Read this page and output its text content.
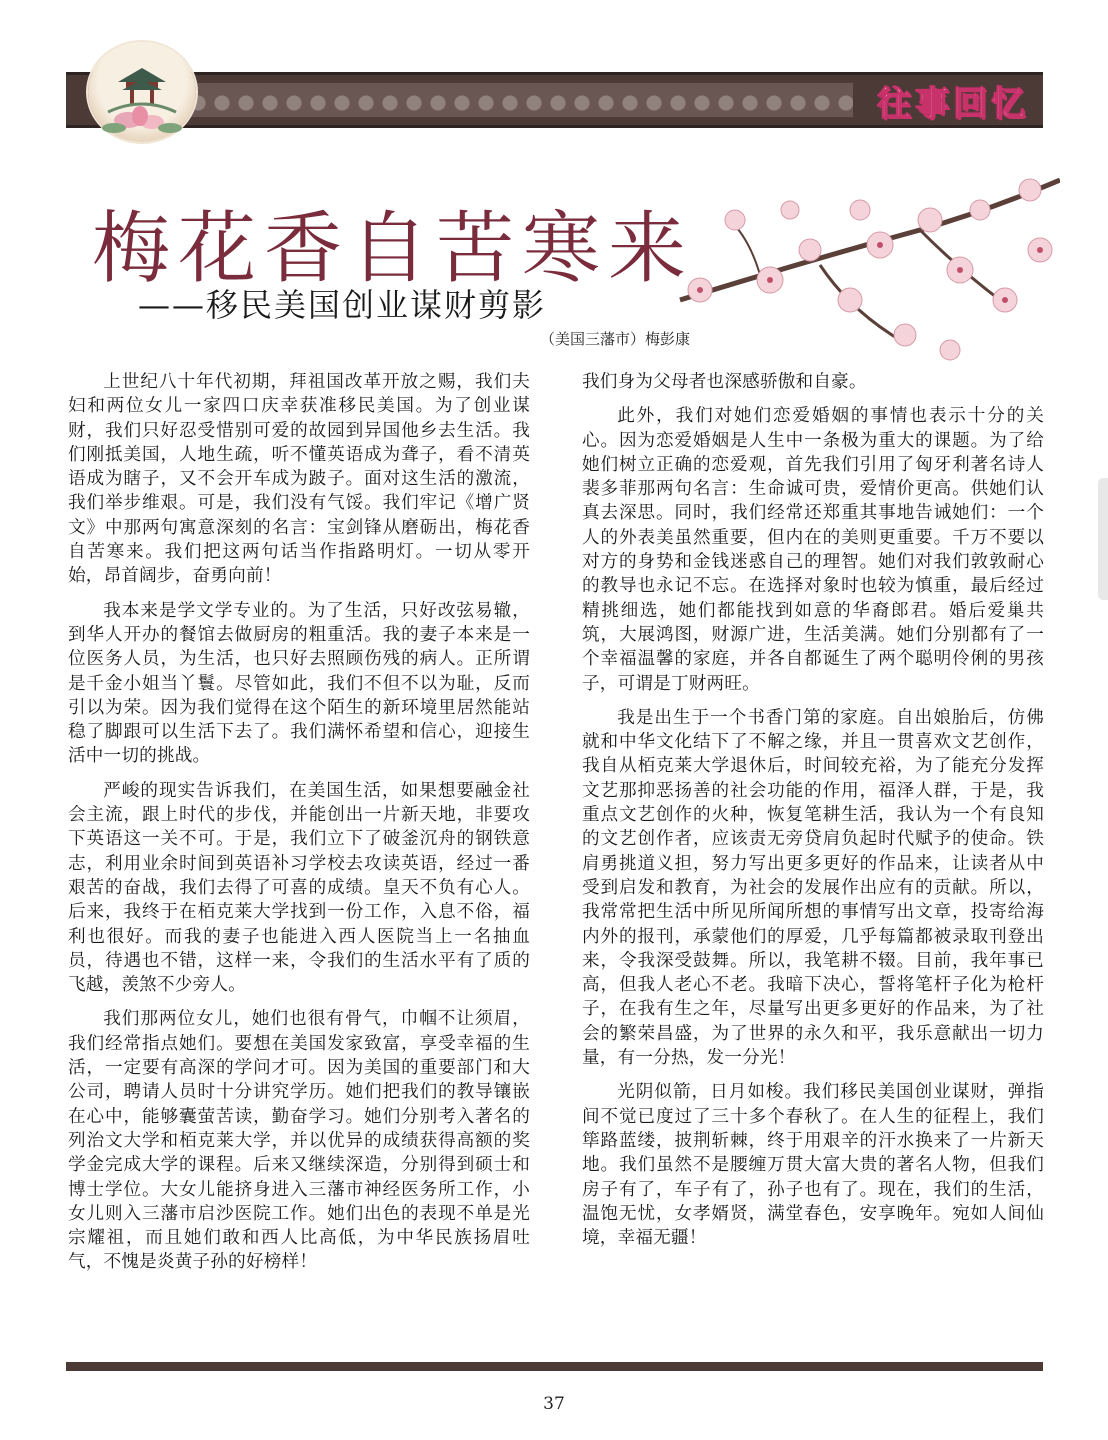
往事回忆
梅花香自苦寒来
——移民美国创业谋财剪影
（美国三藩市）梅彭康

上世纪八十年代初期，拜祖国改革开放之赐，我们夫妇和两位女儿一家四口庆幸获准移民美国。为了创业谋财，我们只好忍受惜别可爱的故园到异国他乡去生活。我们刚抵美国，人地生疏，听不懂英语成为聋子，看不清英语成为瞎子，又不会开车成为跛子。面对这生活的激流，我们举步维艰。可是，我们没有气馁。我们牢记《增广贤文》中那两句寓意深刻的名言：宝剑锋从磨砺出，梅花香自苦寒来。我们把这两句话当作指路明灯。一切从零开始，昂首阔步，奋勇向前！

我本来是学文学专业的。为了生活，只好改弦易辙，到华人开办的餐馆去做厨房的粗重活。我的妻子本来是一位医务人员，为生活，也只好去照顾伤残的病人。正所谓是千金小姐当丫鬟。尽管如此，我们不但不以为耻，反而引以为荣。因为我们觉得在这个陌生的新环境里居然能站稳了脚跟可以生活下去了。我们满怀希望和信心，迎接生活中一切的挑战。

严峻的现实告诉我们，在美国生活，如果想要融金社会主流，跟上时代的步伐，并能创出一片新天地，非要攻下英语这一关不可。于是，我们立下了破釜沉舟的钢铁意志，利用业余时间到英语补习学校去攻读英语，经过一番艰苦的奋战，我们去得了可喜的成绩。皇天不负有心人。后来，我终于在栢克莱大学找到一份工作，入息不俗，福利也很好。而我的妻子也能进入西人医院当上一名抽血员，待遇也不错，这样一来，令我们的生活水平有了质的飞越，羡煞不少旁人。

我们那两位女儿，她们也很有骨气，巾帼不让须眉，我们经常指点她们。要想在美国发家致富，享受幸福的生活，一定要有高深的学问才可。因为美国的重要部门和大公司，聘请人员时十分讲究学历。她们把我们的教导镶嵌在心中，能够囊萤苦读，勤奋学习。她们分别考入著名的列治文大学和栢克莱大学，并以优异的成绩获得高额的奖学金完成大学的课程。后来又继续深造，分别得到硕士和博士学位。大女儿能挤身进入三藩市神经医务所工作，小女儿则入三藩市启沙医院工作。她们出色的表现不单是光宗耀祖，而且她们敢和西人比高低，为中华民族扬眉吐气，不愧是炎黄子孙的好榜样！

我们身为父母者也深感骄傲和自豪。

此外，我们对她们恋爱婚姻的事情也表示十分的关心。因为恋爱婚姻是人生中一条极为重大的课题。为了给她们树立正确的恋爱观，首先我们引用了匈牙利著名诗人裴多菲那两句名言：生命诚可贵，爱情价更高。供她们认真去深思。同时，我们经常还郑重其事地告诫她们：一个人的外表美虽然重要，但内在的美则更重要。千万不要以对方的身势和金钱迷惑自己的理智。她们对我们敦敦耐心的教导也永记不忘。在选择对象时也较为慎重，最后经过精挑细选，她们都能找到如意的华裔郎君。婚后爱巢共筑，大展鸿图，财源广进，生活美满。她们分别都有了一个幸福温馨的家庭，并各自都诞生了两个聪明伶俐的男孩子，可谓是丁财两旺。

我是出生于一个书香门第的家庭。自出娘胎后，仿佛就和中华文化结下了不解之缘，并且一贯喜欢文艺创作，我自从栢克莱大学退休后，时间较充裕，为了能充分发挥文艺那抑恶扬善的社会功能的作用，福泽人群，于是，我重点文艺创作的火种，恢复笔耕生活，我认为一个有良知的文艺创作者，应该责无旁贷肩负起时代赋予的使命。铁肩勇挑道义担，努力写出更多更好的作品来，让读者从中受到启发和教育，为社会的发展作出应有的贡献。所以，我常常把生活中所见所闻所想的事情写出文章，投寄给海内外的报刊，承蒙他们的厚爱，几乎每篇都被录取刊登出来，令我深受鼓舞。所以，我笔耕不辍。目前，我年事已高，但我人老心不老。我暗下决心，誓将笔杆子化为枪杆子，在我有生之年，尽量写出更多更好的作品来，为了社会的繁荣昌盛，为了世界的永久和平，我乐意献出一切力量，有一分热，发一分光！

光阴似箭，日月如梭。我们移民美国创业谋财，弹指间不觉已度过了三十多个春秋了。在人生的征程上，我们筚路蓝缕，披荆斩棘，终于用艰辛的汗水换来了一片新天地。我们虽然不是腰缠万贯大富大贵的著名人物，但我们房子有了，车子有了，孙子也有了。现在，我们的生活，温饱无忧，女孝婿贤，满堂春色，安享晚年。宛如人间仙境，幸福无疆！

37
